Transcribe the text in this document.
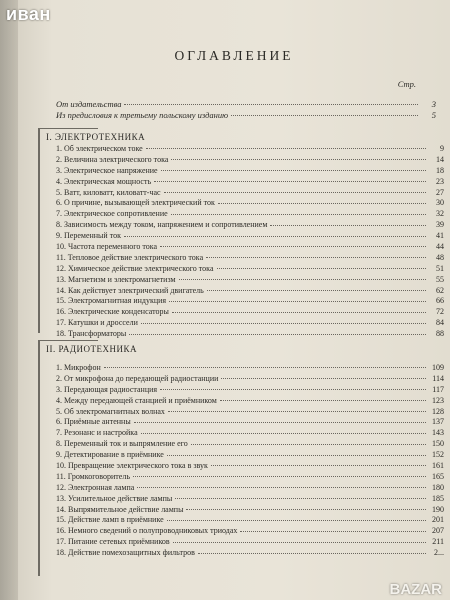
ОГЛАВЛЕНИЕ
Стр.
От издательства	3
Из предисловия к третьему польскому изданию	5
I. ЭЛЕКТРОТЕХНИКА
1. Об электрическом токе	9
2. Величина электрического тока	14
3. Электрическое напряжение	18
4. Электрическая мощность	23
5. Ватт, киловатт, киловатт-час	27
6. О причине, вызывающей электрический ток	30
7. Электрическое сопротивление	32
8. Зависимость между током, напряжением и сопротивлением	39
9. Переменный ток	41
10. Частота переменного тока	44
11. Тепловое действие электрического тока	48
12. Химическое действие электрического тока	51
13. Магнетизм и электромагнетизм	55
14. Как действует электрический двигатель	62
15. Электромагнитная индукция	66
16. Электрические конденсаторы	72
17. Катушки и дроссели	84
18. Трансформаторы	88
II. РАДИОТЕХНИКА
1. Микрофон	109
2. От микрофона до передающей радиостанции	114
3. Передающая радиостанция	117
4. Между передающей станцией и приёмником	123
5. Об электромагнитных волнах	128
6. Приёмные антенны	137
7. Резонанс и настройка	143
8. Переменный ток и выпрямление его	150
9. Детектирование в приёмнике	152
10. Превращение электрического тока в звук	161
11. Громкоговоритель	165
12. Электронная лампа	180
13. Усилительное действие лампы	185
14. Выпрямительное действие лампы	190
15. Действие ламп в приёмнике	201
16. Немного сведений о полупроводниковых триодах	207
17. Питание сетевых приёмников	211
18. Действие помехозащитных фильтров	2...
иван
BAZAR
